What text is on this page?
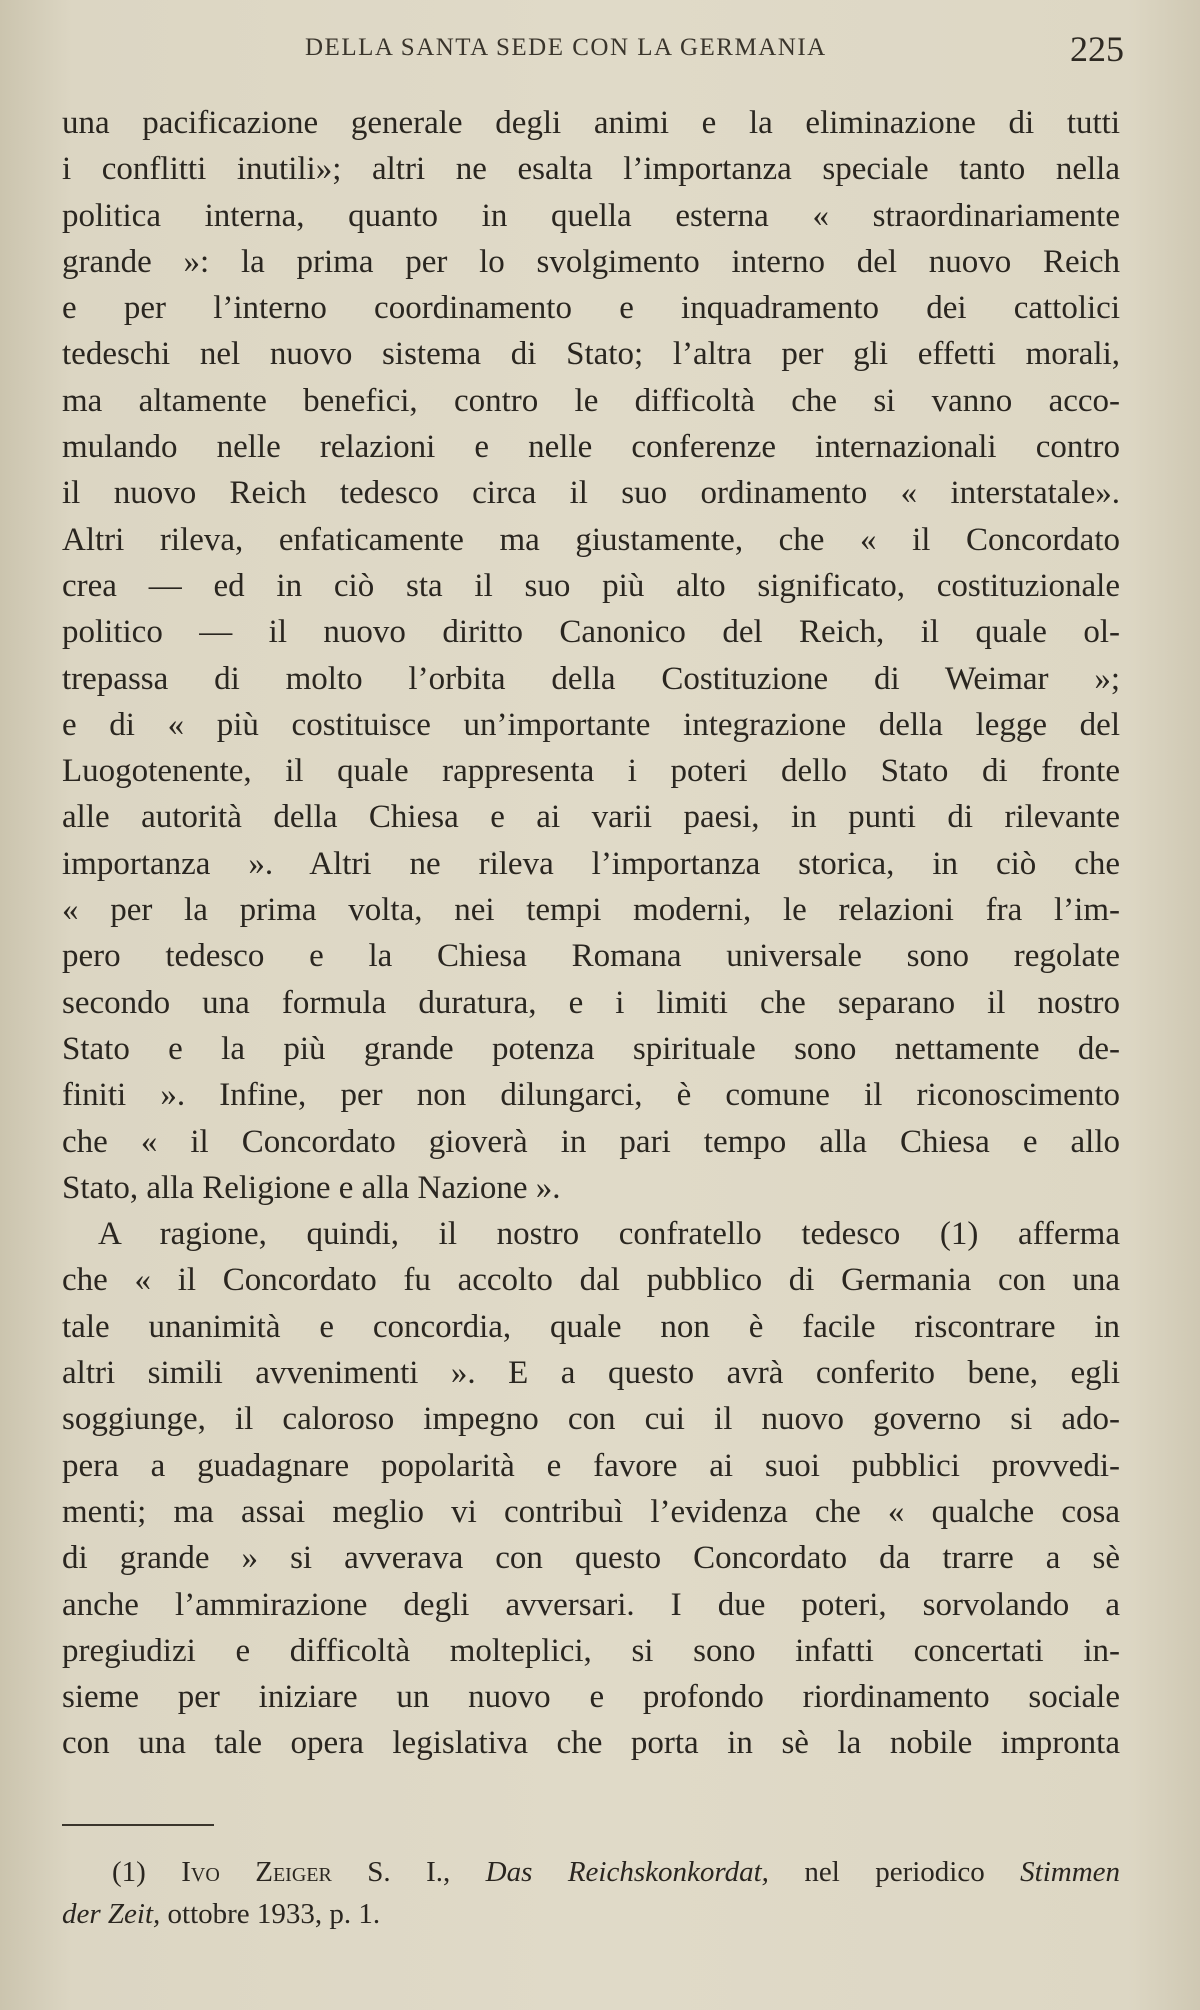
DELLA SANTA SEDE CON LA GERMANIA	225
una pacificazione generale degli animi e la eliminazione di tutti
i conflitti inutili»; altri ne esalta l’importanza speciale tanto nella
politica interna, quanto in quella esterna « straordinariamente
grande »: la prima per lo svolgimento interno del nuovo Reich
e per l’interno coordinamento e inquadramento dei cattolici
tedeschi nel nuovo sistema di Stato; l’altra per gli effetti morali,
ma altamente benefici, contro le difficoltà che si vanno acco-
mulando nelle relazioni e nelle conferenze internazionali contro
il nuovo Reich tedesco circa il suo ordinamento « interstatale».
Altri rileva, enfaticamente ma giustamente, che « il Concordato
crea — ed in ciò sta il suo più alto significato, costituzionale
politico — il nuovo diritto Canonico del Reich, il quale ol-
trepassa di molto l’orbita della Costituzione di Weimar »;
e di « più costituisce un’importante integrazione della legge del
Luogotenente, il quale rappresenta i poteri dello Stato di fronte
alle autorità della Chiesa e ai varii paesi, in punti di rilevante
importanza ». Altri ne rileva l’importanza storica, in ciò che
« per la prima volta, nei tempi moderni, le relazioni fra l’im-
pero tedesco e la Chiesa Romana universale sono regolate
secondo una formula duratura, e i limiti che separano il nostro
Stato e la più grande potenza spirituale sono nettamente de-
finiti ». Infine, per non dilungarci, è comune il riconoscimento
che « il Concordato gioverà in pari tempo alla Chiesa e allo
Stato, alla Religione e alla Nazione ».
A ragione, quindi, il nostro confratello tedesco (1) afferma
che « il Concordato fu accolto dal pubblico di Germania con una
tale unanimità e concordia, quale non è facile riscontrare in
altri simili avvenimenti ». E a questo avrà conferito bene, egli
soggiunge, il caloroso impegno con cui il nuovo governo si ado-
pera a guadagnare popolarità e favore ai suoi pubblici provvedi-
menti; ma assai meglio vi contribuì l’evidenza che « qualche cosa
di grande » si avverava con questo Concordato da trarre a sè
anche l’ammirazione degli avversari. I due poteri, sorvolando a
pregiudizi e difficoltà molteplici, si sono infatti concertati in-
sieme per iniziare un nuovo e profondo riordinamento sociale
con una tale opera legislativa che porta in sè la nobile impronta
(1) Ivo Zeiger S. I., Das Reichskonkordat, nel periodico Stimmen
der Zeit, ottobre 1933, p. 1.
